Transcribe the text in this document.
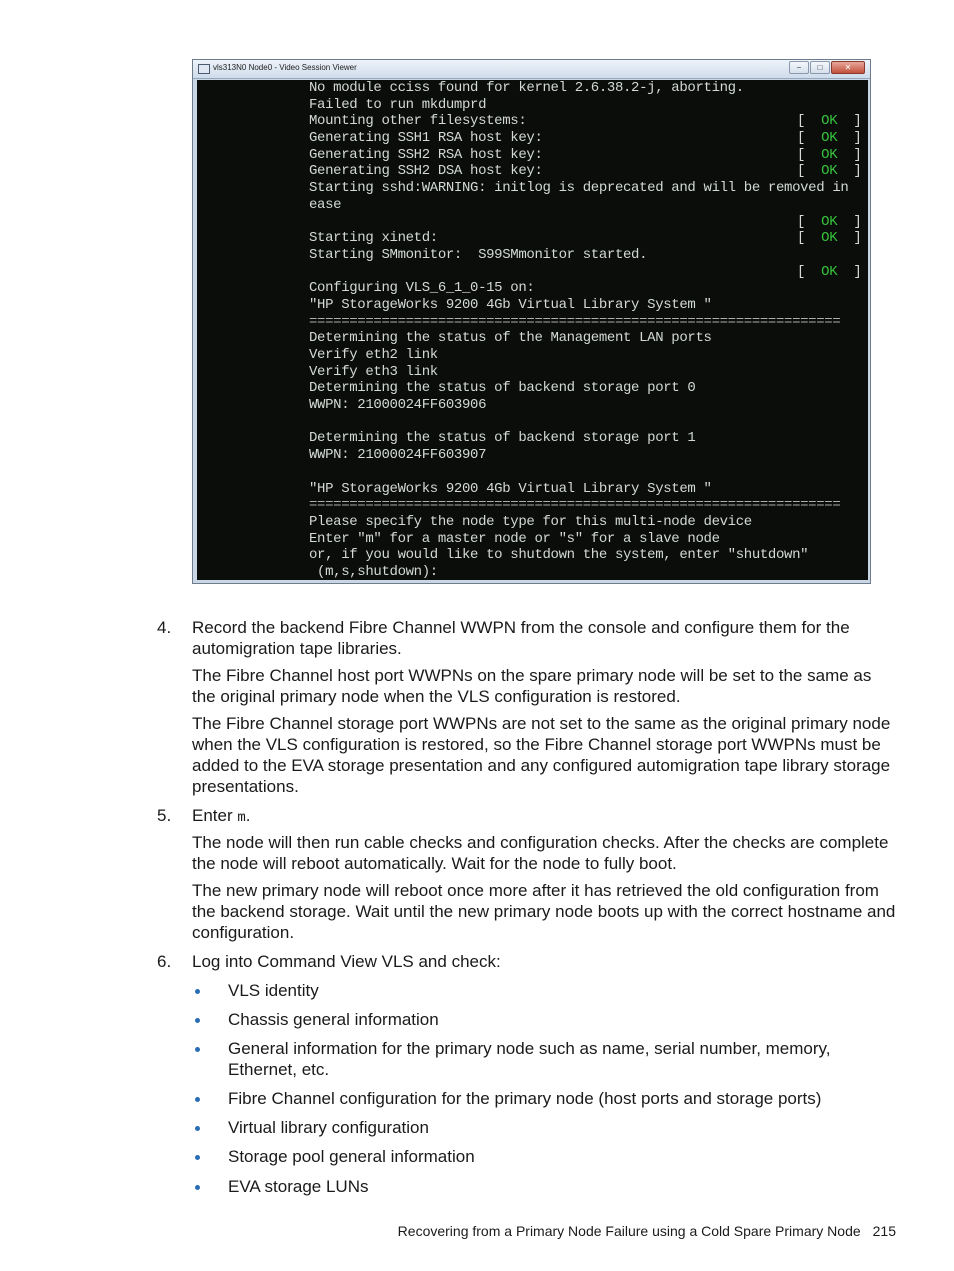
vls313N0 Node0 - Video Session Viewer	−	□	✕
No module cciss found for kernel 2.6.38.2-j, aborting.
Failed to run mkdumprd
Mounting other filesystems:	[  OK  ]
Generating SSH1 RSA host key:	[  OK  ]
Generating SSH2 RSA host key:	[  OK  ]
Generating SSH2 DSA host key:	[  OK  ]
Starting sshd:WARNING: initlog is deprecated and will be removed in
ease
[  OK  ]
Starting xinetd:	[  OK  ]
Starting SMmonitor:  S99SMmonitor started.
[  OK  ]
Configuring VLS_6_1_0-15 on:
"HP StorageWorks 9200 4Gb Virtual Library System "
==================================================================
Determining the status of the Management LAN ports
Verify eth2 link
Verify eth3 link
Determining the status of backend storage port 0
WWPN: 21000024FF603906
Determining the status of backend storage port 1
WWPN: 21000024FF603907
"HP StorageWorks 9200 4Gb Virtual Library System "
==================================================================
Please specify the node type for this multi-node device
Enter "m" for a master node or "s" for a slave node
or, if you would like to shutdown the system, enter "shutdown"
(m,s,shutdown):
4.	Record the backend Fibre Channel WWPN from the console and configure them for the automigration tape libraries.
The Fibre Channel host port WWPNs on the spare primary node will be set to the same as the original primary node when the VLS configuration is restored.
The Fibre Channel storage port WWPNs are not set to the same as the original primary node when the VLS configuration is restored, so the Fibre Channel storage port WWPNs must be added to the EVA storage presentation and any configured automigration tape library storage presentations.
5.	Enter m.
The node will then run cable checks and configuration checks. After the checks are complete the node will reboot automatically. Wait for the node to fully boot.
The new primary node will reboot once more after it has retrieved the old configuration from the backend storage. Wait until the new primary node boots up with the correct hostname and configuration.
6.	Log into Command View VLS and check:
VLS identity
Chassis general information
General information for the primary node such as name, serial number, memory, Ethernet, etc.
Fibre Channel configuration for the primary node (host ports and storage ports)
Virtual library configuration
Storage pool general information
EVA storage LUNs
Recovering from a Primary Node Failure using a Cold Spare Primary Node 215
